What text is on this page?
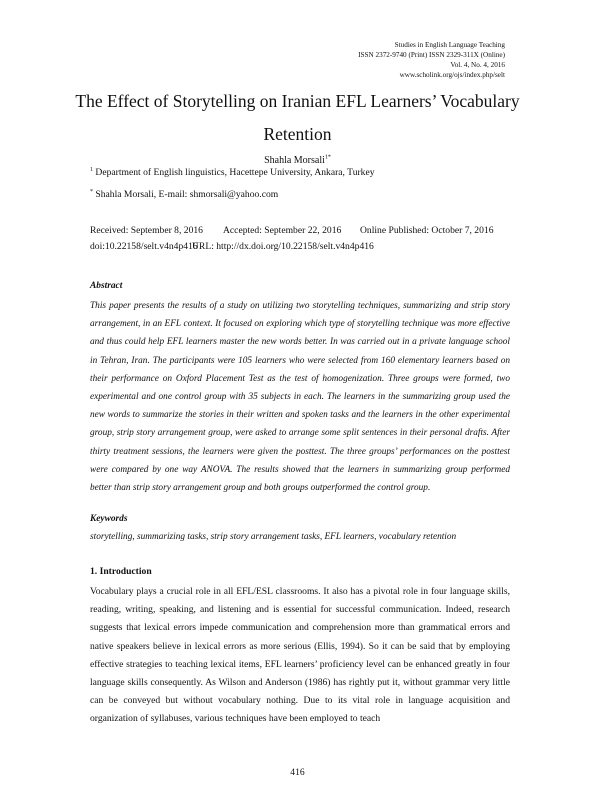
Studies in English Language Teaching
ISSN 2372-9740 (Print) ISSN 2329-311X (Online)
Vol. 4, No. 4, 2016
www.scholink.org/ojs/index.php/selt
The Effect of Storytelling on Iranian EFL Learners’ Vocabulary
Retention
Shahla Morsali$^{1*}$
$^1$ Department of English linguistics, Hacettepe University, Ankara, Turkey
* Shahla Morsali, E-mail: shmorsali@yahoo.com
Received: September 8, 2016 Accepted: September 22, 2016 Online Published: October 7, 2016
doi:10.22158/selt.v4n4p416
URL: http://dx.doi.org/10.22158/selt.v4n4p416
Abstract
This paper presents the results of a study on utilizing two storytelling techniques, summarizing and strip story arrangement, in an EFL context. It focused on exploring which type of storytelling technique was more effective and thus could help EFL learners master the new words better. In was carried out in a private language school in Tehran, Iran. The participants were 105 learners who were selected from 160 elementary learners based on their performance on Oxford Placement Test as the test of homogenization. Three groups were formed, two experimental and one control group with 35 subjects in each. The learners in the summarizing group used the new words to summarize the stories in their written and spoken tasks and the learners in the other experimental group, strip story arrangement group, were asked to arrange some split sentences in their personal drafts. After thirty treatment sessions, the learners were given the posttest. The three groups’ performances on the posttest were compared by one way ANOVA. The results showed that the learners in summarizing group performed better than strip story arrangement group and both groups outperformed the control group.
Keywords
storytelling, summarizing tasks, strip story arrangement tasks, EFL learners, vocabulary retention
1. Introduction
Vocabulary plays a crucial role in all EFL/ESL classrooms. It also has a pivotal role in four language skills, reading, writing, speaking, and listening and is essential for successful communication. Indeed, research suggests that lexical errors impede communication and comprehension more than grammatical errors and native speakers believe in lexical errors as more serious (Ellis, 1994). So it can be said that by employing effective strategies to teaching lexical items, EFL learners’ proficiency level can be enhanced greatly in four language skills consequently. As Wilson and Anderson (1986) has rightly put it, without grammar very little can be conveyed but without vocabulary nothing. Due to its vital role in language acquisition and organization of syllabuses, various techniques have been employed to teach
416
